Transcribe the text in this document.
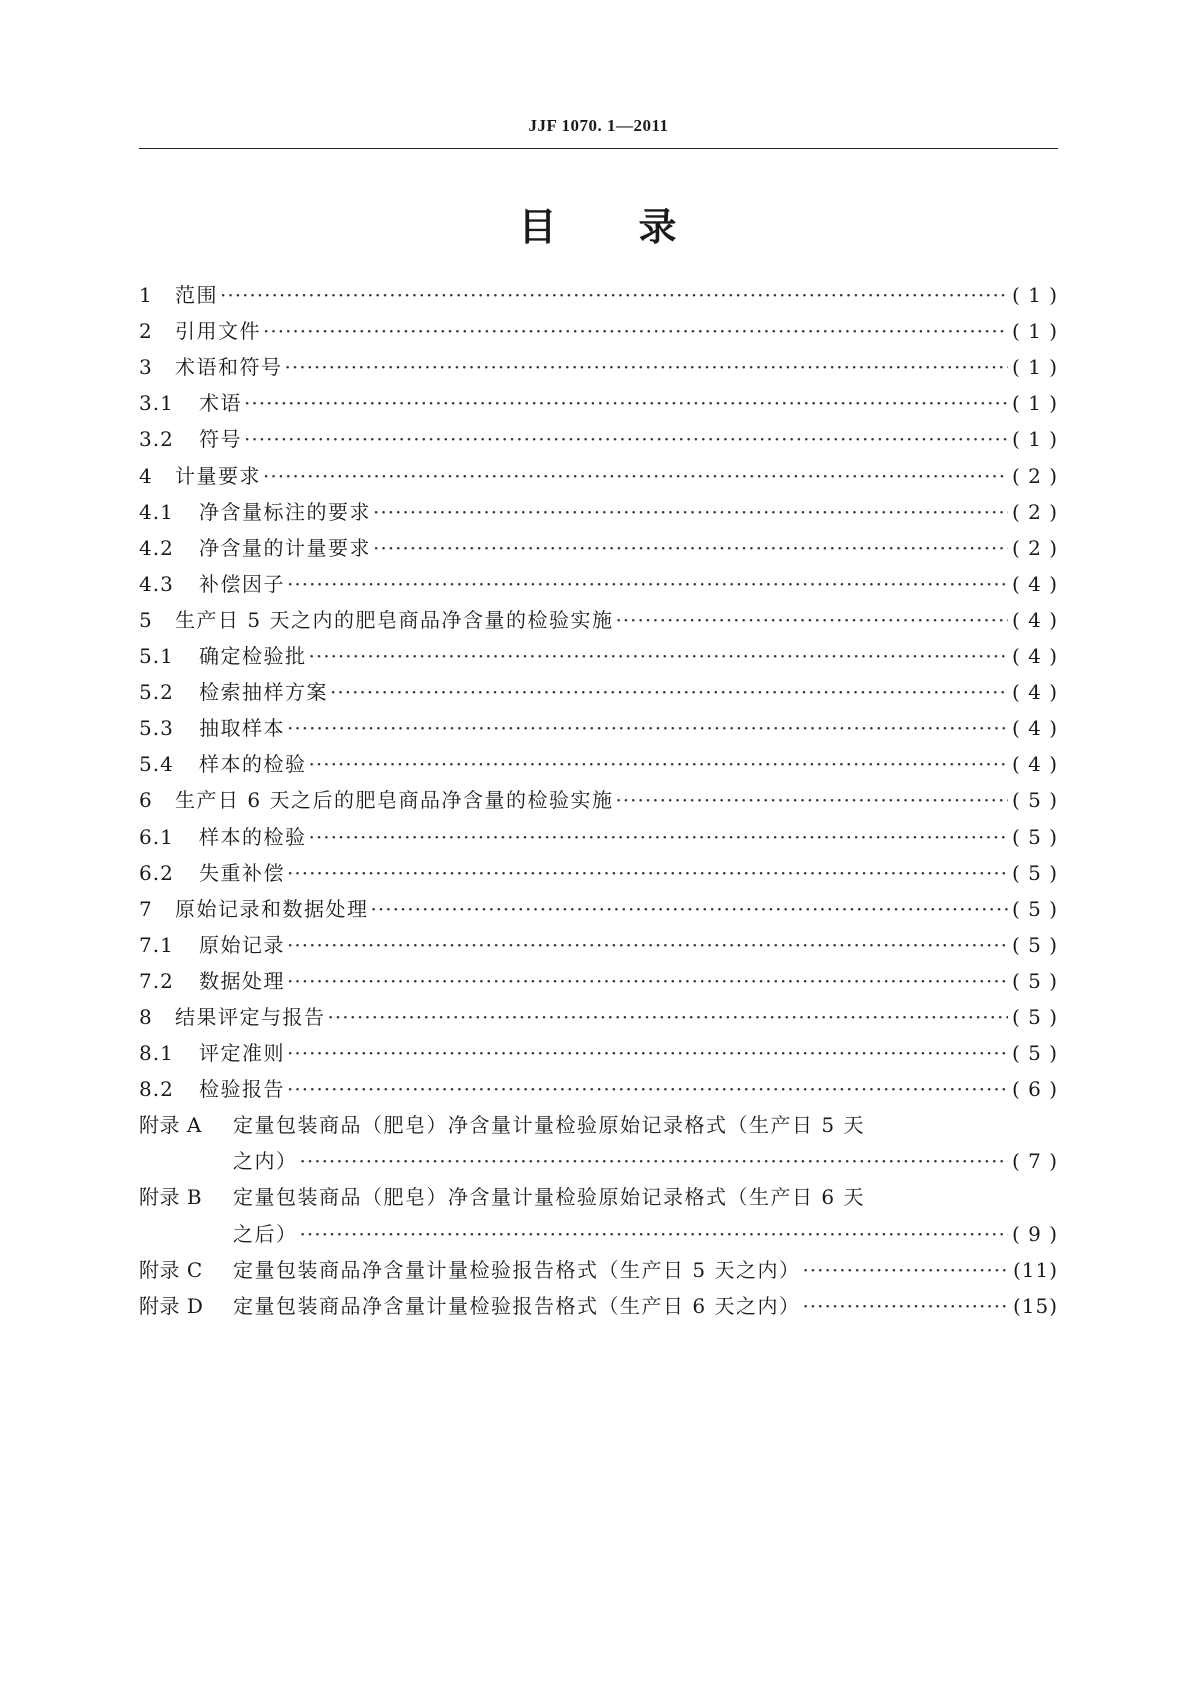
JJF 1070. 1—2011
目　　录
1	范围 ·····	( 1 )
2	引用文件 ·····	( 1 )
3	术语和符号 ·····	( 1 )
3.1	术语 ·····	( 1 )
3.2	符号 ·····	( 1 )
4	计量要求 ·····	( 2 )
4.1	净含量标注的要求 ·····	( 2 )
4.2	净含量的计量要求 ·····	( 2 )
4.3	补偿因子 ·····	( 4 )
5	生产日 5 天之内的肥皂商品净含量的检验实施 ·····	( 4 )
5.1	确定检验批 ·····	( 4 )
5.2	检索抽样方案 ·····	( 4 )
5.3	抽取样本 ·····	( 4 )
5.4	样本的检验 ·····	( 4 )
6	生产日 6 天之后的肥皂商品净含量的检验实施 ·····	( 5 )
6.1	样本的检验 ·····	( 5 )
6.2	失重补偿 ·····	( 5 )
7	原始记录和数据处理 ·····	( 5 )
7.1	原始记录 ·····	( 5 )
7.2	数据处理 ·····	( 5 )
8	结果评定与报告 ·····	( 5 )
8.1	评定准则 ·····	( 5 )
8.2	检验报告 ·····	( 6 )
附录 A	定量包装商品（肥皂）净含量计量检验原始记录格式（生产日 5 天
之内） ·····	( 7 )
附录 B	定量包装商品（肥皂）净含量计量检验原始记录格式（生产日 6 天
之后） ·····	( 9 )
附录 C	定量包装商品净含量计量检验报告格式（生产日 5 天之内） ·····	(11)
附录 D	定量包装商品净含量计量检验报告格式（生产日 6 天之内） ·····	(15)
